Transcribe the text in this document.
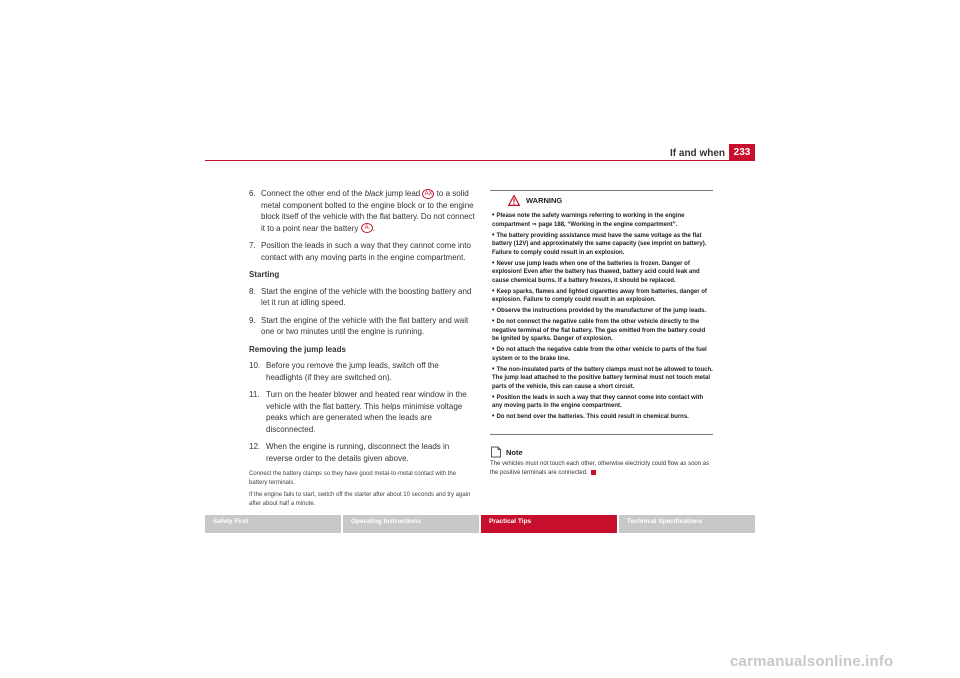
If and when 233
6. Connect the other end of the black jump lead AX to a solid metal component bolted to the engine block or to the engine block itself of the vehicle with the flat battery. Do not connect it to a point near the battery A .
7. Position the leads in such a way that they cannot come into contact with any moving parts in the engine compartment.
Starting
8. Start the engine of the vehicle with the boosting battery and let it run at idling speed.
9. Start the engine of the vehicle with the flat battery and wait one or two minutes until the engine is running.
Removing the jump leads
10. Before you remove the jump leads, switch off the headlights (if they are switched on).
11. Turn on the heater blower and heated rear window in the vehicle with the flat battery. This helps minimise voltage peaks which are generated when the leads are disconnected.
12. When the engine is running, disconnect the leads in reverse order to the details given above.

Connect the battery clamps so they have good metal-to-metal contact with the battery terminals.

If the engine fails to start, switch off the starter after about 10 seconds and try again after about half a minute.

WARNING
• Please note the safety warnings referring to working in the engine compartment ⇒ page 188, “Working in the engine compartment”.
• The battery providing assistance must have the same voltage as the flat battery (12V) and approximately the same capacity (see imprint on battery). Failure to comply could result in an explosion.
• Never use jump leads when one of the batteries is frozen. Danger of explosion! Even after the battery has thawed, battery acid could leak and cause chemical burns. If a battery freezes, it should be replaced.
• Keep sparks, flames and lighted cigarettes away from batteries, danger of explosion. Failure to comply could result in an explosion.
• Observe the instructions provided by the manufacturer of the jump leads.
• Do not connect the negative cable from the other vehicle directly to the negative terminal of the flat battery. The gas emitted from the battery could be ignited by sparks. Danger of explosion.
• Do not attach the negative cable from the other vehicle to parts of the fuel system or to the brake line.
• The non-insulated parts of the battery clamps must not be allowed to touch. The jump lead attached to the positive battery terminal must not touch metal parts of the vehicle, this can cause a short circuit.
• Position the leads in such a way that they cannot come into contact with any moving parts in the engine compartment.
• Do not bend over the batteries. This could result in chemical burns.
Note
The vehicles must not touch each other, otherwise electricity could flow as soon as the positive terminals are connected.
Safety First	Operating Instructions	Practical Tips	Technical Specifications
carmanualsonline.info
